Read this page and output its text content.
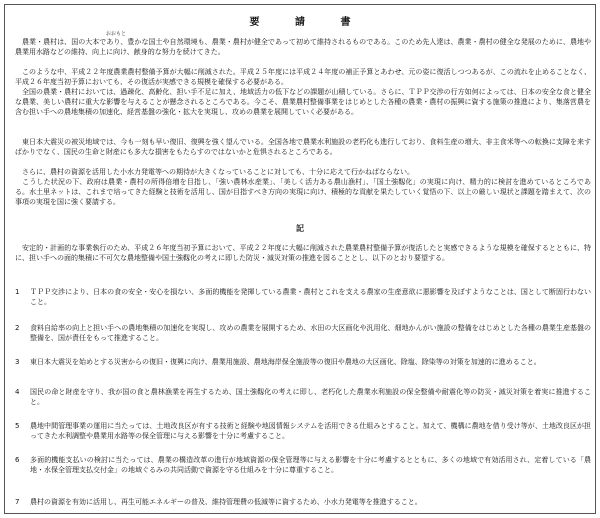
要 請 書
おおもと

　農業・農村は、国の大本であり、豊かな国土や自然環境も、農業・農村が健全であって初めて維持されるものである。このため先人達は、農業・農村の健全な発展のために、農地や農業用水路などの維持、向上に向け、献身的な努力を続けてきた。

　このような中、平成２２年度農業農村整備予算が大幅に削減された。平成２５年度には平成２４年度の補正予算とあわせ、元の姿に復活しつつあるが、この流れを止めることなく、平成２６年度当初予算においても、その復活が実感できる規模を確保する必要がある。

　全国の農業・農村においては、過疎化、高齢化、担い手不足に加え、地域活力の低下などの課題が山積している。さらに、ＴＰＰ交渉の行方如何によっては、日本の安全な食と健全な農業、美しい農村に重大な影響を与えることが懸念されるところである。今こそ、農業農村整備事業をはじめとした各種の農業・農村の振興に資する施策の推進により、集落営農を含む担い手への農地集積の加速化、経営基盤の強化・拡大を実現し、攻めの農業を展開していく必要がある。

　東日本大震災の被災地域では、今も一刻も早い復旧、復興を強く望んでいる。全国各地で農業水利施設の老朽化も進行しており、食料生産の増大、非主食米等への転換に支障を来すばかりでなく、国民の生命と財産にも多大な損害をもたらすのではないかと危惧されるところである。

　さらに、農村の資源を活用した小水力発電等への期待が大きくなっていることに対しても、十分に応えて行かねばならない。

　こうした状況の下、政府は農業・農村の所得倍増を目指し、「強い農林水産業」、「美しく活力ある農山漁村」、「国土強靱化」の実現に向け、精力的に検討を進めているところである。水土里ネットは、これまで培ってきた経験と技術を活用し、国が目指すべき方向の実現に向け、積極的な貢献を果たしていく覚悟の下、以上の厳しい現状と課題を踏まえて、次の事項の実現を国に強く要請する。

記

　安定的・計画的な事業執行のため、平成２６年度当初予算において、平成２２年度に大幅に削減された農業農村整備予算が復活したと実感できるような規模を確保するとともに、特に、担い手への面的集積に不可欠な農地整備や国土強靱化の考えに即した防災・減災対策の推進を図ることとし、以下のとおり要望する。

1	ＴＰＰ交渉により、日本の食の安全・安心を損ない、多面的機能を発揮している農業・農村とこれを支える農家の生産意欲に悪影響を及ぼすようなことは、国として断固行わないこと。
2	食料自給率の向上と担い手への農地集積の加速化を実現し、攻めの農業を展開するため、水田の大区画化や汎用化、畑地かんがい施設の整備をはじめとした各種の農業生産基盤の整備を、国が責任をもって推進すること。
3	東日本大震災を始めとする災害からの復旧・復興に向け、農業用施設、農地海岸保全施設等の復旧や農地の大区画化、除塩、除染等の対策を加速的に進めること。
4	国民の命と財産を守り、我が国の食と農林漁業を再生するため、国土強靱化の考えに即し、老朽化した農業水利施設の保全整備や耐震化等の防災・減災対策を着実に推進すること。
5	農地中間管理事業の運用に当たっては、土地改良区が有する技術と経験や地図情報システムを活用できる仕組みとすること。加えて、機構に農地を借り受け等が、土地改良区が担ってきた水利調整や農業用水路等の保全管理に与える影響を十分に考慮すること。
6	多面的機能支払いの検討に当たっては、農業の構造改革の進行が地域資源の保全管理等に与える影響を十分に考慮するとともに、多くの地域で有効活用され、定着している「農地・水保全管理支払交付金」の地域ぐるみの共同活動で資源を守る仕組みを十分に尊重すること。
7	農村の資源を有効に活用し、再生可能エネルギーの普及、維持管理費の低減等に資するため、小水力発電等を推進すること。
